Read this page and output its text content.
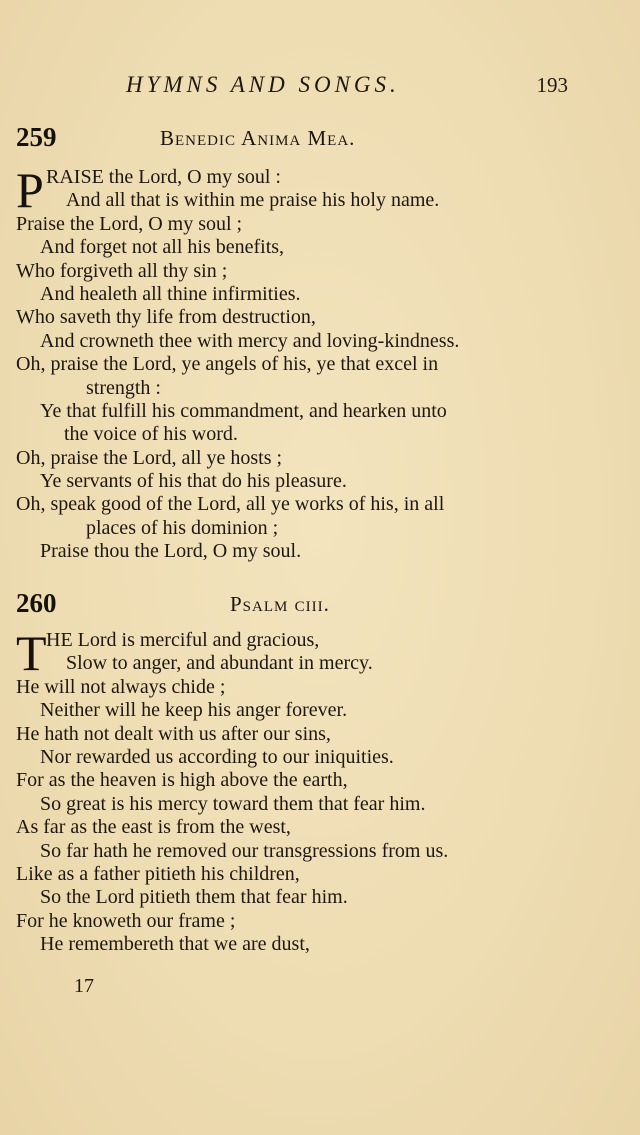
HYMNS AND SONGS.	193
259	Benedic Anima Mea.
P RAISE the Lord, O my soul :
And all that is within me praise his holy name.
Praise the Lord, O my soul ;
And forget not all his benefits,
Who forgiveth all thy sin ;
And healeth all thine infirmities.
Who saveth thy life from destruction,
And crowneth thee with mercy and loving-kindness.
Oh, praise the Lord, ye angels of his, ye that excel in
strength :
Ye that fulfill his commandment, and hearken unto
the voice of his word.
Oh, praise the Lord, all ye hosts ;
Ye servants of his that do his pleasure.
Oh, speak good of the Lord, all ye works of his, in all
places of his dominion ;
Praise thou the Lord, O my soul.
260	Psalm ciii.
T HE Lord is merciful and gracious,
Slow to anger, and abundant in mercy.
He will not always chide ;
Neither will he keep his anger forever.
He hath not dealt with us after our sins,
Nor rewarded us according to our iniquities.
For as the heaven is high above the earth,
So great is his mercy toward them that fear him.
As far as the east is from the west,
So far hath he removed our transgressions from us.
Like as a father pitieth his children,
So the Lord pitieth them that fear him.
For he knoweth our frame ;
He remembereth that we are dust,
17
